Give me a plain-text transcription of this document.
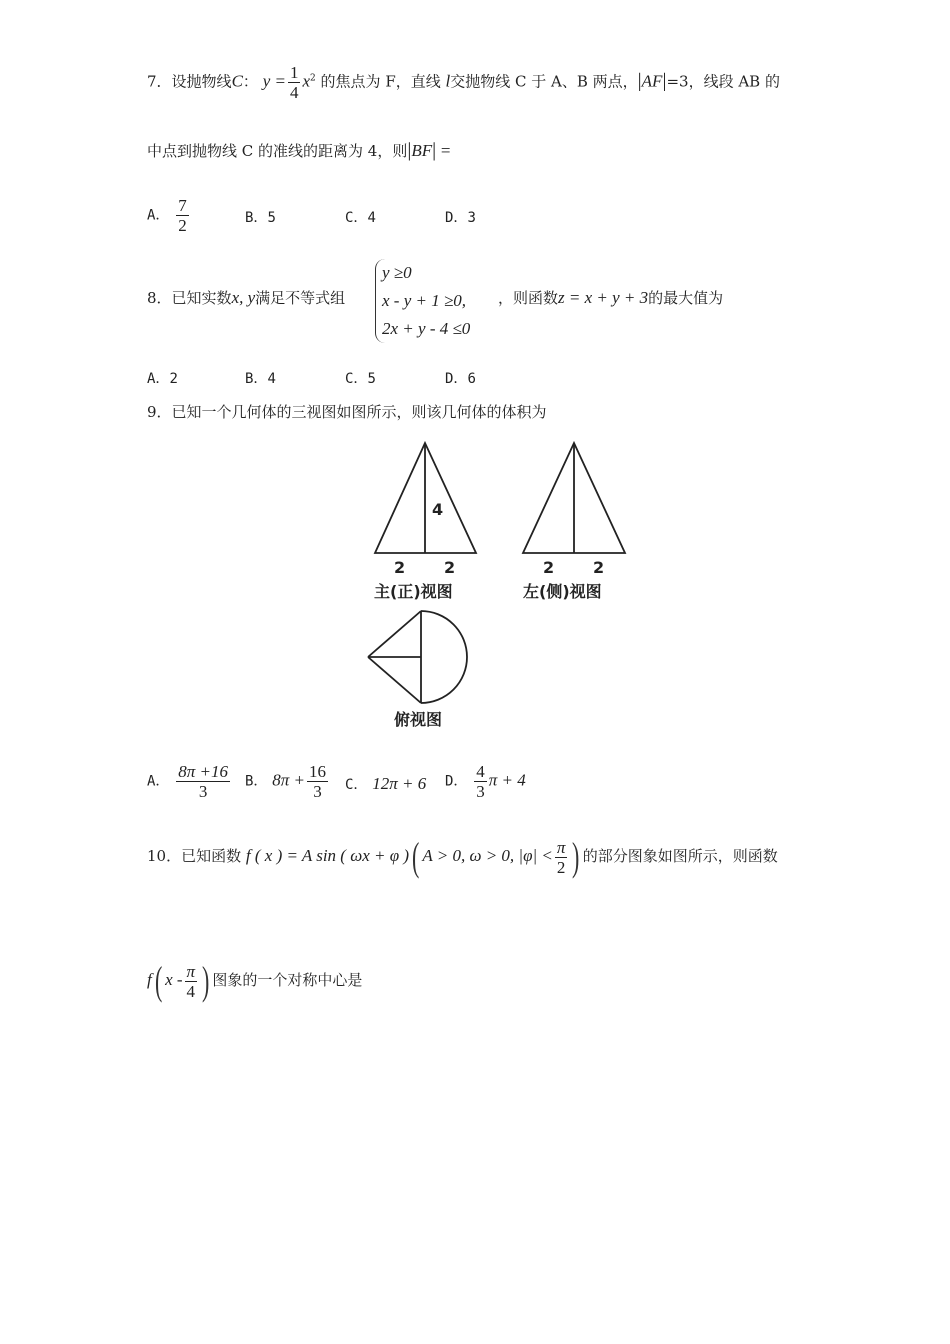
7．设抛物线C： $y = \frac{1}{4} x^2$ 的焦点为 F，直线 l交抛物线 C 于 A、B 两点，|AF|=3，线段 AB 的
中点到抛物线 C 的准线的距离为 4，则|BF| =
A． $\frac{7}{2}$	B．5	C．4	D．3
8．已知实数x, y满足不等式组
y ≥0
x - y + 1 ≥0,
2x + y - 4 ≤0
，则函数z = x + y + 3的最大值为
A．2	B．4	C．5	D．6
9．已知一个几何体的三视图如图所示，则该几何体的体积为
4
2 2
主(正)视图
2 2
左(侧)视图
俯视图
A． $\frac{8\pi +16}{3}$ B． $8\pi + \frac{16}{3}$ C． 12π + 6 D． $\frac{4}{3}$ π + 4
10．已知函数 f ( x ) = A sin ( ωx + φ )( A > 0, ω > 0, $|\varphi| < \frac{\pi}{2}$ ) 的部分图象如图所示，则函数
f( x - $\frac{\pi}{4}$ ) 图象的一个对称中心是
